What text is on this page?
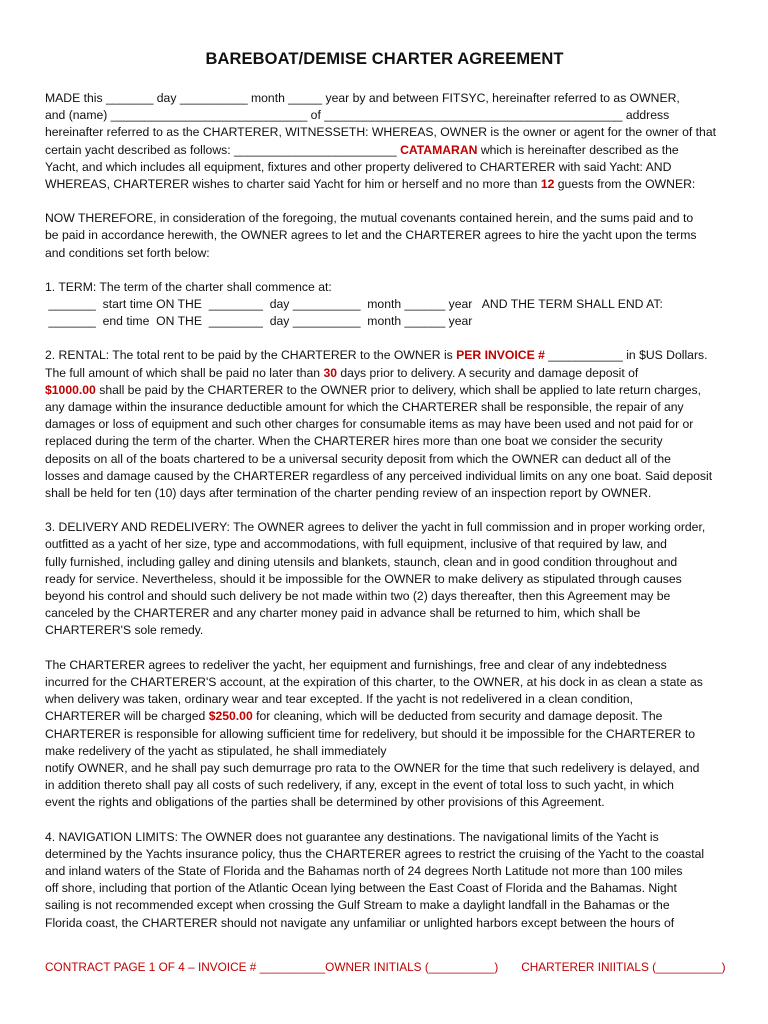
BAREBOAT/DEMISE CHARTER AGREEMENT
MADE this _______ day __________ month _____ year by and between FITSYC, hereinafter referred to as OWNER,
and (name) _____________________________ of ____________________________________________ address
hereinafter referred to as the CHARTERER, WITNESSETH: WHEREAS, OWNER is the owner or agent for the owner of that
certain yacht described as follows: ________________________ CATAMARAN which is hereinafter described as the
Yacht, and which includes all equipment, fixtures and other property delivered to CHARTERER with said Yacht: AND
WHEREAS, CHARTERER wishes to charter said Yacht for him or herself and no more than 12 guests from the OWNER:
NOW THEREFORE, in consideration of the foregoing, the mutual covenants contained herein, and the sums paid and to
be paid in accordance herewith, the OWNER agrees to let and the CHARTERER agrees to hire the yacht upon the terms
and conditions set forth below:
1. TERM: The term of the charter shall commence at:
_______  start time ON THE  ________  day __________  month ______ year   AND THE TERM SHALL END AT:
_______  end time  ON THE  ________  day __________  month ______ year
2. RENTAL: The total rent to be paid by the CHARTERER to the OWNER is PER INVOICE # ___________ in $US Dollars.
The full amount of which shall be paid no later than 30 days prior to delivery. A security and damage deposit of
$1000.00 shall be paid by the CHARTERER to the OWNER prior to delivery, which shall be applied to late return charges,
any damage within the insurance deductible amount for which the CHARTERER shall be responsible, the repair of any
damages or loss of equipment and such other charges for consumable items as may have been used and not paid for or
replaced during the term of the charter. When the CHARTERER hires more than one boat we consider the security
deposits on all of the boats chartered to be a universal security deposit from which the OWNER can deduct all of the
losses and damage caused by the CHARTERER regardless of any perceived individual limits on any one boat. Said deposit
shall be held for ten (10) days after termination of the charter pending review of an inspection report by OWNER.
3. DELIVERY AND REDELIVERY: The OWNER agrees to deliver the yacht in full commission and in proper working order,
outfitted as a yacht of her size, type and accommodations, with full equipment, inclusive of that required by law, and
fully furnished, including galley and dining utensils and blankets, staunch, clean and in good condition throughout and
ready for service. Nevertheless, should it be impossible for the OWNER to make delivery as stipulated through causes
beyond his control and should such delivery be not made within two (2) days thereafter, then this Agreement may be
canceled by the CHARTERER and any charter money paid in advance shall be returned to him, which shall be
CHARTERER'S sole remedy.
The CHARTERER agrees to redeliver the yacht, her equipment and furnishings, free and clear of any indebtedness
incurred for the CHARTERER'S account, at the expiration of this charter, to the OWNER, at his dock in as clean a state as
when delivery was taken, ordinary wear and tear excepted. If the yacht is not redelivered in a clean condition,
CHARTERER will be charged $250.00 for cleaning, which will be deducted from security and damage deposit. The
CHARTERER is responsible for allowing sufficient time for redelivery, but should it be impossible for the CHARTERER to
make redelivery of the yacht as stipulated, he shall immediately
notify OWNER, and he shall pay such demurrage pro rata to the OWNER for the time that such redelivery is delayed, and
in addition thereto shall pay all costs of such redelivery, if any, except in the event of total loss to such yacht, in which
event the rights and obligations of the parties shall be determined by other provisions of this Agreement.
4. NAVIGATION LIMITS: The OWNER does not guarantee any destinations. The navigational limits of the Yacht is
determined by the Yachts insurance policy, thus the CHARTERER agrees to restrict the cruising of the Yacht to the coastal
and inland waters of the State of Florida and the Bahamas north of 24 degrees North Latitude not more than 100 miles
off shore, including that portion of the Atlantic Ocean lying between the East Coast of Florida and the Bahamas. Night
sailing is not recommended except when crossing the Gulf Stream to make a daylight landfall in the Bahamas or the
Florida coast, the CHARTERER should not navigate any unfamiliar or unlighted harbors except between the hours of
CONTRACT PAGE 1 OF 4 – INVOICE # __________OWNER INITIALS (__________)       CHARTERER INIITIALS (__________)
